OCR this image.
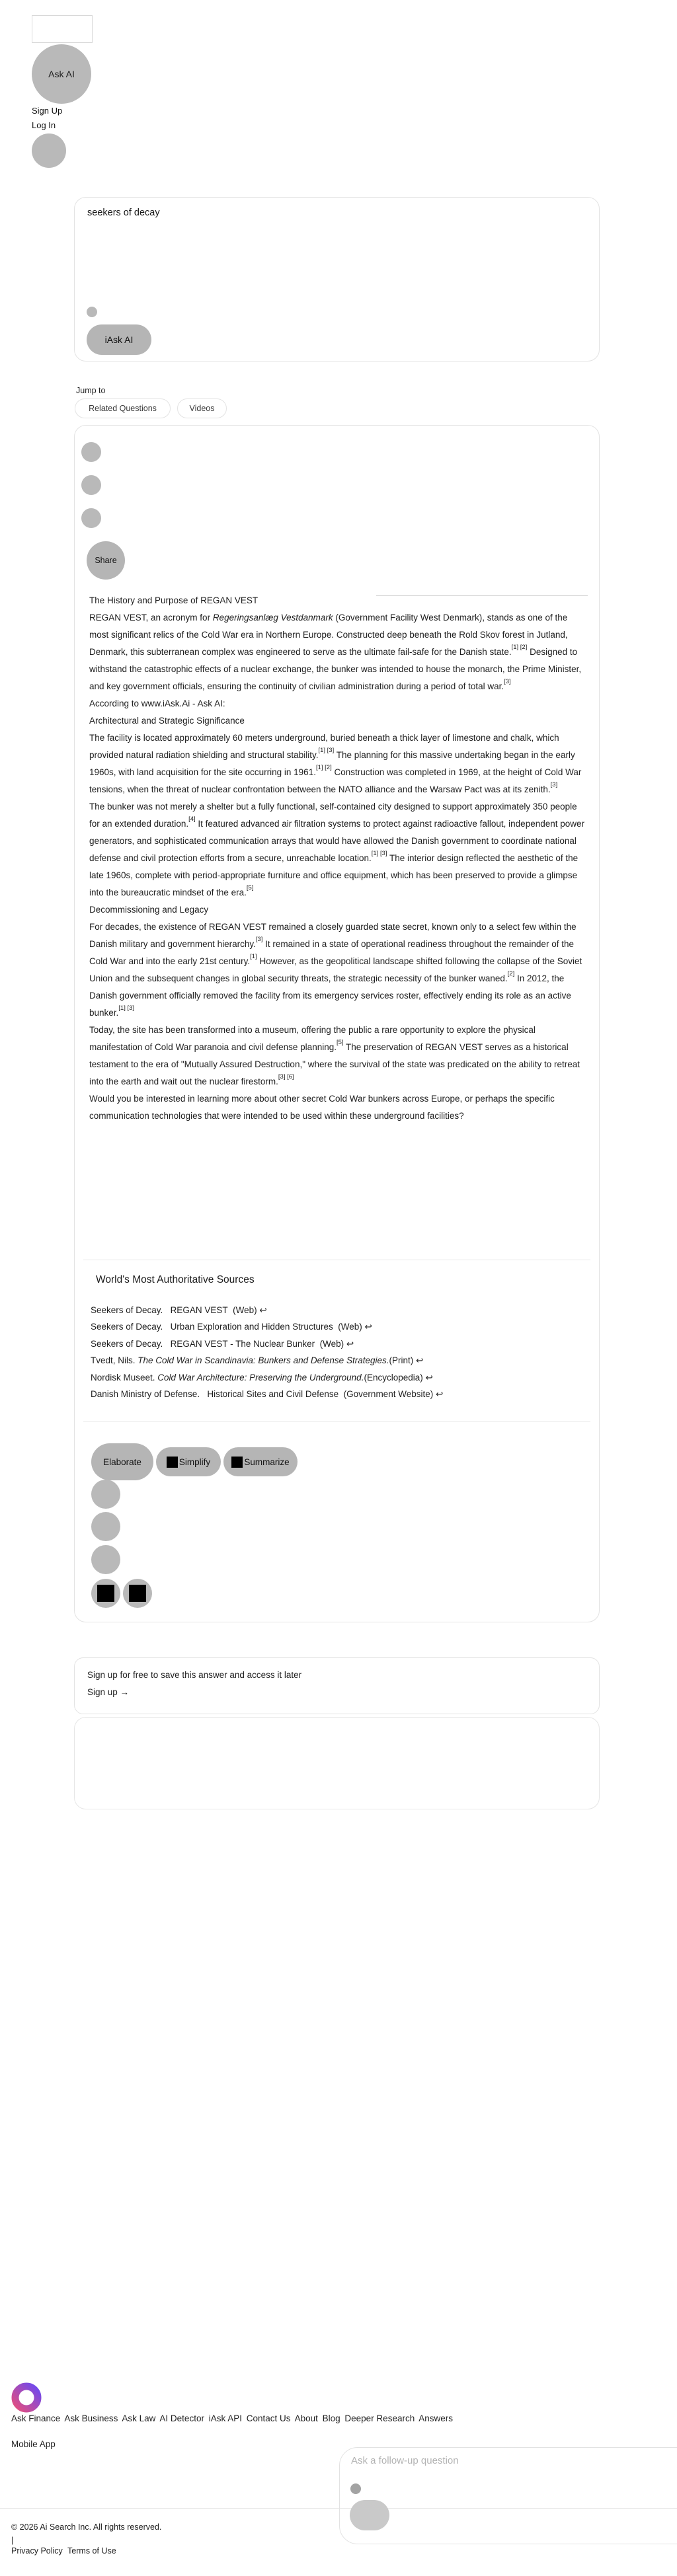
Ask AI
Sign Up
Log In
seekers of decay
iAsk AI
Jump to
Related Questions	Videos
Share
The History and Purpose of REGAN VEST
REGAN VEST, an acronym for Regeringsanlæg Vestdanmark (Government Facility West Denmark), stands as one of the most significant relics of the Cold War era in Northern Europe. Constructed deep beneath the Rold Skov forest in Jutland, Denmark, this subterranean complex was engineered to serve as the ultimate fail-safe for the Danish state.[1] [2] Designed to withstand the catastrophic effects of a nuclear exchange, the bunker was intended to house the monarch, the Prime Minister, and key government officials, ensuring the continuity of civilian administration during a period of total war.[3]
According to www.iAsk.Ai - Ask AI:
Architectural and Strategic Significance
The facility is located approximately 60 meters underground, buried beneath a thick layer of limestone and chalk, which provided natural radiation shielding and structural stability.[1] [3] The planning for this massive undertaking began in the early 1960s, with land acquisition for the site occurring in 1961.[1] [2] Construction was completed in 1969, at the height of Cold War tensions, when the threat of nuclear confrontation between the NATO alliance and the Warsaw Pact was at its zenith.[3]
The bunker was not merely a shelter but a fully functional, self-contained city designed to support approximately 350 people for an extended duration.[4] It featured advanced air filtration systems to protect against radioactive fallout, independent power generators, and sophisticated communication arrays that would have allowed the Danish government to coordinate national defense and civil protection efforts from a secure, unreachable location.[1] [3] The interior design reflected the aesthetic of the late 1960s, complete with period-appropriate furniture and office equipment, which has been preserved to provide a glimpse into the bureaucratic mindset of the era.[5]
Decommissioning and Legacy
For decades, the existence of REGAN VEST remained a closely guarded state secret, known only to a select few within the Danish military and government hierarchy.[3] It remained in a state of operational readiness throughout the remainder of the Cold War and into the early 21st century.[1] However, as the geopolitical landscape shifted following the collapse of the Soviet Union and the subsequent changes in global security threats, the strategic necessity of the bunker waned.[2] In 2012, the Danish government officially removed the facility from its emergency services roster, effectively ending its role as an active bunker.[1] [3]
Today, the site has been transformed into a museum, offering the public a rare opportunity to explore the physical manifestation of Cold War paranoia and civil defense planning.[5] The preservation of REGAN VEST serves as a historical testament to the era of "Mutually Assured Destruction," where the survival of the state was predicated on the ability to retreat into the earth and wait out the nuclear firestorm.[3] [6]
Would you be interested in learning more about other secret Cold War bunkers across Europe, or perhaps the specific communication technologies that were intended to be used within these underground facilities?
World's Most Authoritative Sources
Seekers of Decay.   REGAN VEST  (Web) ↩
Seekers of Decay.   Urban Exploration and Hidden Structures  (Web) ↩
Seekers of Decay.   REGAN VEST - The Nuclear Bunker  (Web) ↩
Tvedt, Nils. The Cold War in Scandinavia: Bunkers and Defense Strategies.(Print) ↩
Nordisk Museet. Cold War Architecture: Preserving the Underground.(Encyclopedia) ↩
Danish Ministry of Defense.   Historical Sites and Civil Defense  (Government Website) ↩
Elaborate	Simplify	Summarize
Sign up for free to save this answer and access it later
Sign up →
Ask Finance Ask Business Ask Law AI Detector iAsk API Contact Us About Blog Deeper Research Answers
Mobile App
© 2026 Ai Search Inc. All rights reserved.
|
Privacy Policy Terms of Use
Ask a follow-up question
